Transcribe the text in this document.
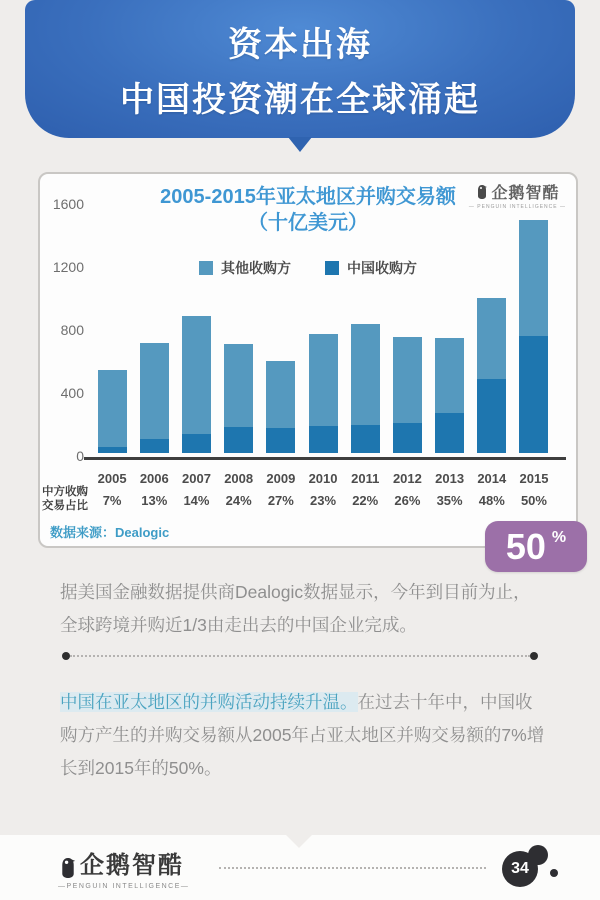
资本出海
中国投资潮在全球涌起
2005-2015年亚太地区并购交易额
（十亿美元）
企鹅智酷
— PENGUIN INTELLIGENCE —
其他收购方	中国收购方
0
400
800
1200
1600
2005	2006	2007	2008	2009	2010	2011	2012	2013	2014	2015
7%	13%	14%	24%	27%	23%	22%	26%	35%	48%	50%
中方收购
交易占比
数据来源：Dealogic	50 %
据美国金融数据提供商Dealogic数据显示，今年到目前为止，全球跨境并购近1/3由走出去的中国企业完成。
中国在亚太地区的并购活动持续升温。在过去十年中，中国收购方产生的并购交易额从2005年占亚太地区并购交易额的7%增长到2015年的50%。
企鹅智酷
—PENGUIN INTELLIGENCE—
34
